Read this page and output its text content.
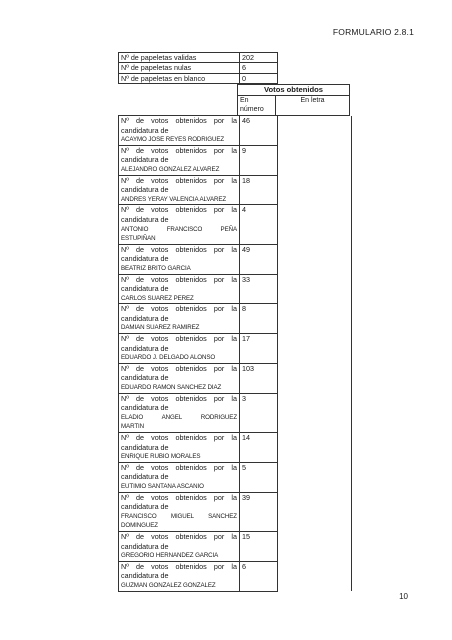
FORMULARIO 2.8.1
Nº de papeletas validas	202
Nº de papeletas nulas	6
Nº de papeletas en blanco	0
Votos obtenidos
En número	En letra
Nº de votos obtenidos por la
candidatura de
ACAYMO JOSE REYES RODRIGUEZ	46	

Nº de votos obtenidos por la
candidatura de
ALEJANDRO GONZALEZ ALVAREZ	9	

Nº de votos obtenidos por la
candidatura de
ANDRES YERAY VALENCIA ALVAREZ	18	

Nº de votos obtenidos por la
candidatura de
ANTONIO FRANCISCO PEÑA
ESTUPIÑAN	4	

Nº de votos obtenidos por la
candidatura de
BEATRIZ BRITO GARCIA	49	

Nº de votos obtenidos por la
candidatura de
CARLOS SUAREZ PEREZ	33	

Nº de votos obtenidos por la
candidatura de
DAMIAN SUAREZ RAMIREZ	8	

Nº de votos obtenidos por la
candidatura de
EDUARDO J. DELGADO ALONSO	17	

Nº de votos obtenidos por la
candidatura de
EDUARDO RAMON SANCHEZ DIAZ	103	

Nº de votos obtenidos por la
candidatura de
ELADIO ANGEL RODRIGUEZ
MARTIN	3	

Nº de votos obtenidos por la
candidatura de
ENRIQUE RUBIO MORALES	14	

Nº de votos obtenidos por la
candidatura de
EUTIMIO SANTANA ASCANIO	5	

Nº de votos obtenidos por la
candidatura de
FRANCISCO MIGUEL SANCHEZ
DOMINGUEZ	39	

Nº de votos obtenidos por la
candidatura de
GREGORIO HERNANDEZ GARCIA	15	

Nº de votos obtenidos por la
candidatura de
GUZMAN GONZALEZ GONZALEZ	6	
10
